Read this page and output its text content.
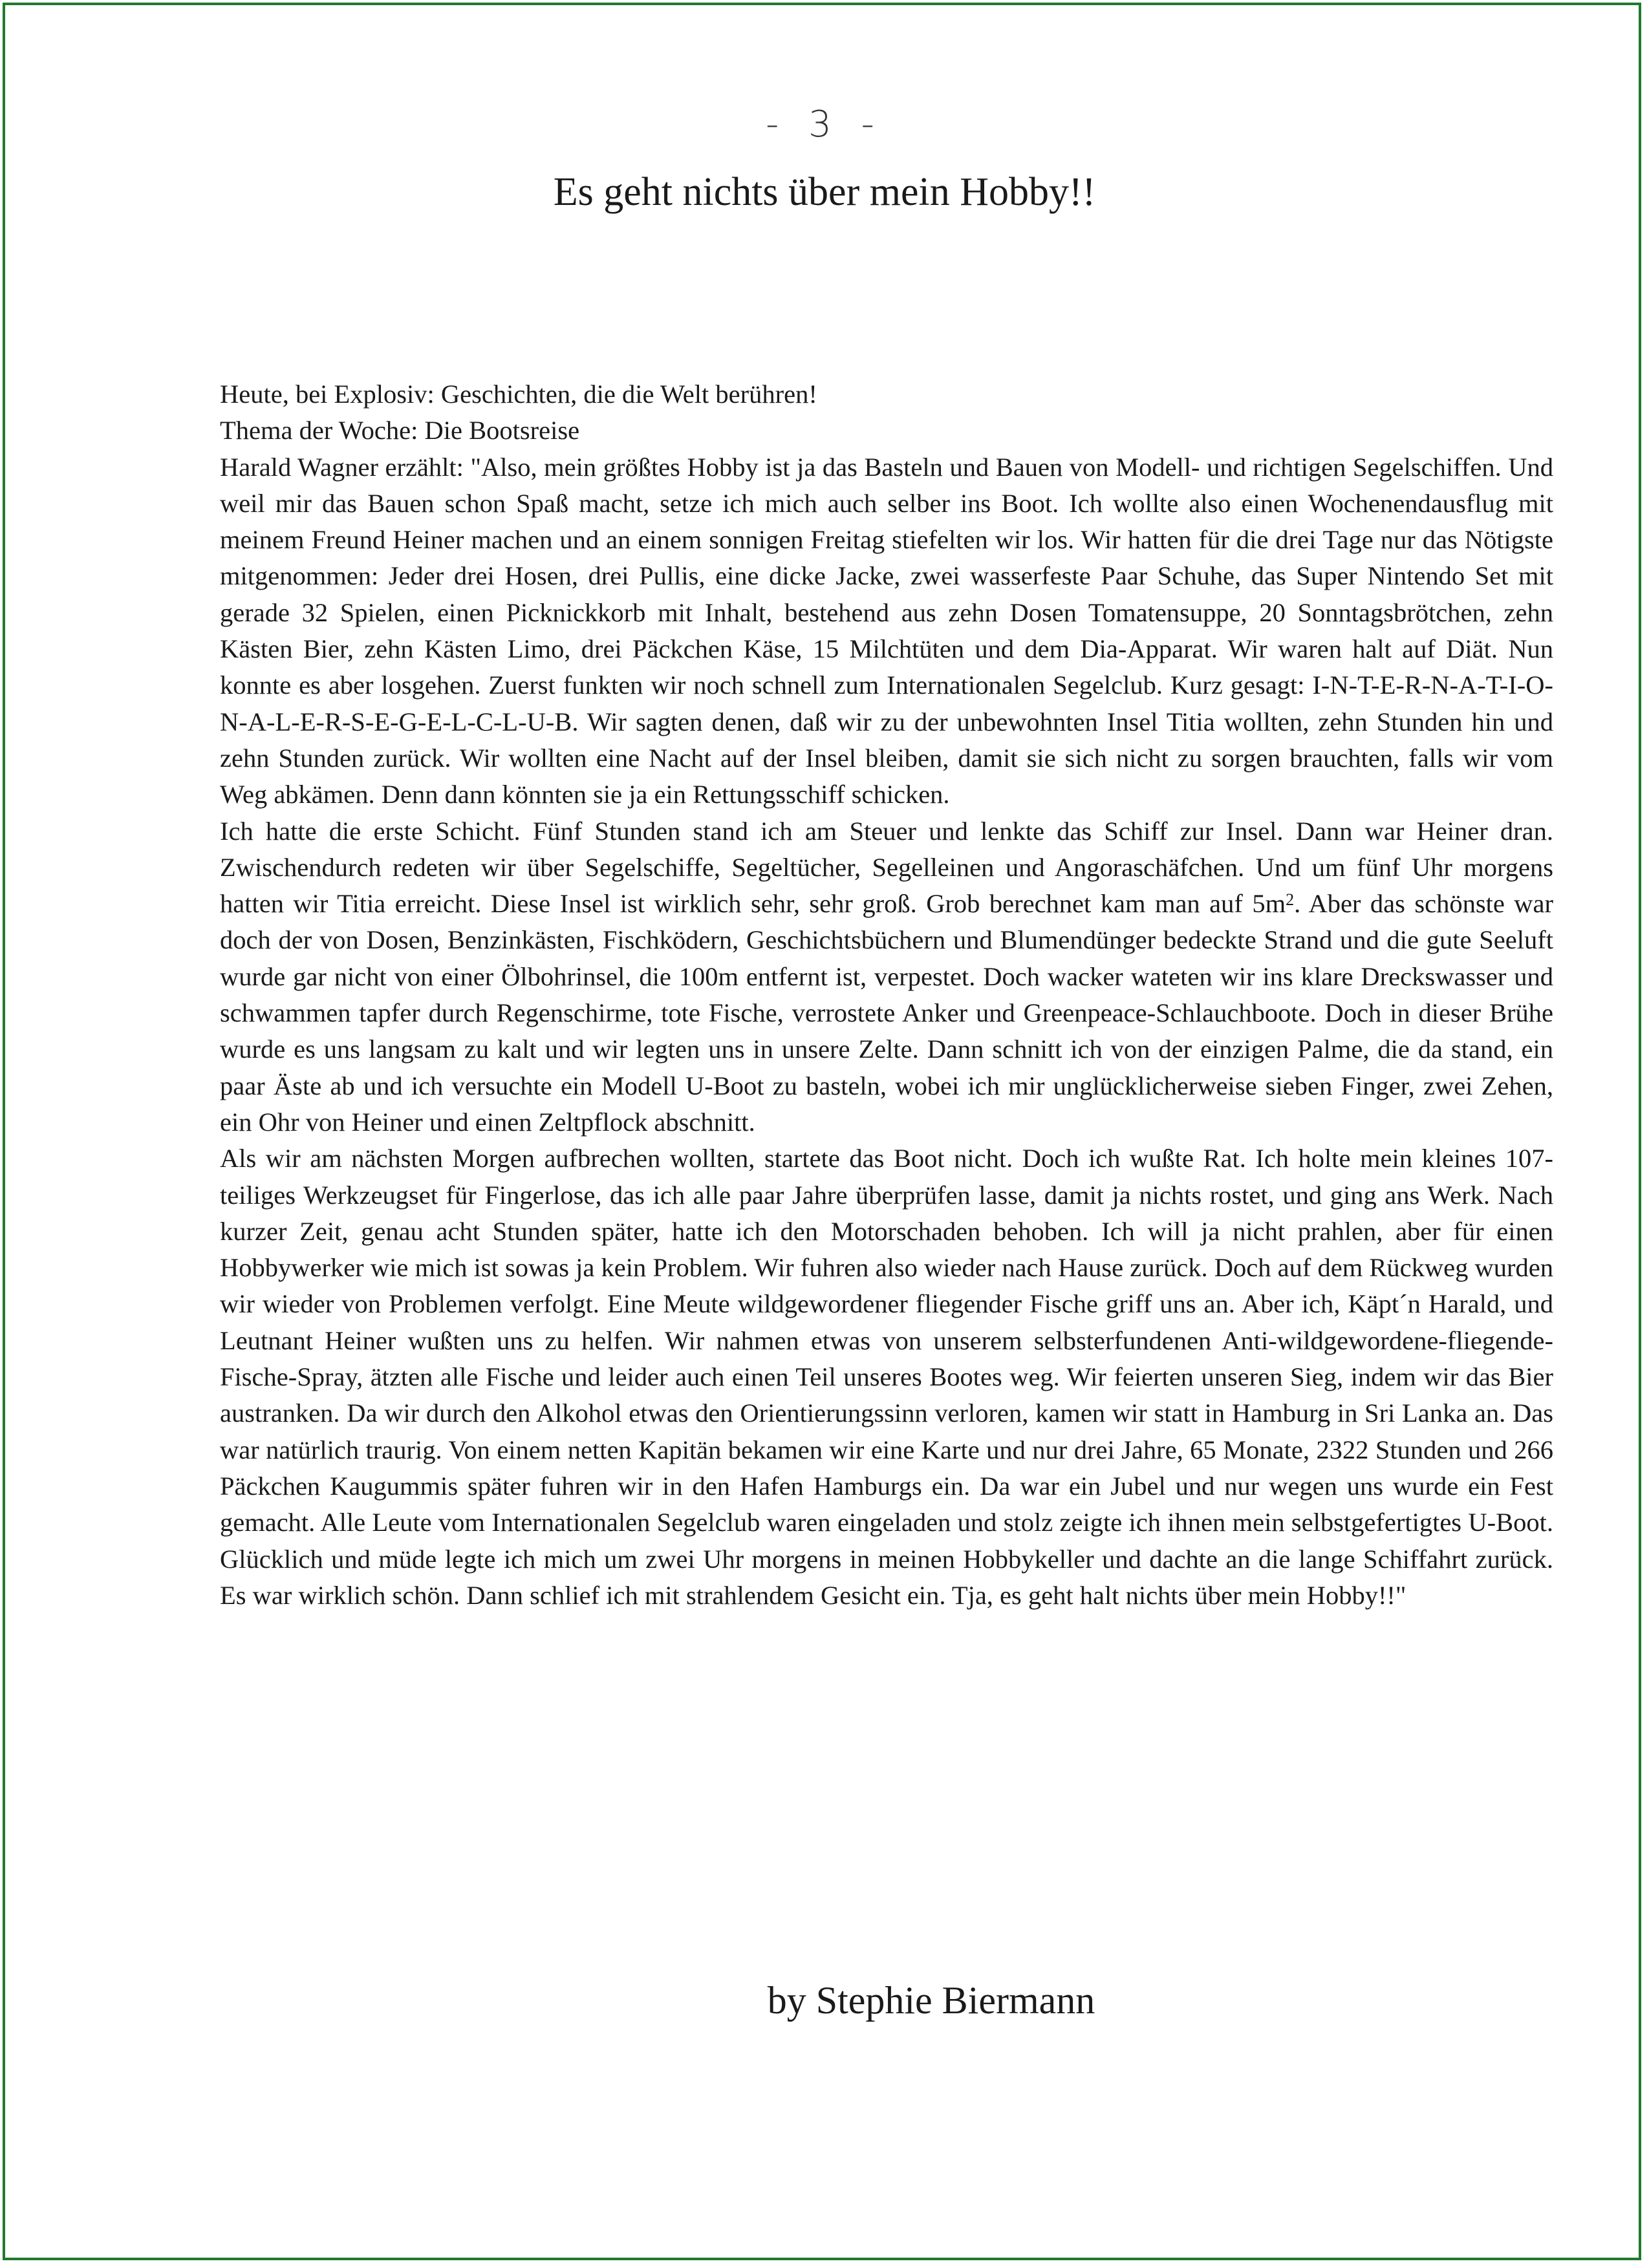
- 3 -
Es geht nichts über mein Hobby!!

Heute, bei Explosiv: Geschichten, die die Welt berühren!

Thema der Woche: Die Bootsreise

Harald Wagner erzählt: "Also, mein größtes Hobby ist ja das Basteln und Bauen von Modell- und richtigen Segelschiffen. Und weil mir das Bauen schon Spaß macht, setze ich mich auch selber ins Boot. Ich wollte also einen Wochenendausflug mit meinem Freund Heiner machen und an einem sonnigen Freitag stiefelten wir los. Wir hatten für die drei Tage nur das Nötigste mitgenommen: Jeder drei Hosen, drei Pullis, eine dicke Jacke, zwei wasserfeste Paar Schuhe, das Super Nintendo Set mit gerade 32 Spielen, einen Picknickkorb mit Inhalt, bestehend aus zehn Dosen Tomatensuppe, 20 Sonntagsbrötchen, zehn Kästen Bier, zehn Kästen Limo, drei Päckchen Käse, 15 Milchtüten und dem Dia-Apparat. Wir waren halt auf Diät. Nun konnte es aber losgehen. Zuerst funkten wir noch schnell zum Internationalen Segelclub. Kurz gesagt: I-N-T-E-R-N-A-T-I-O-N-A-L-E-R-S-E-G-E-L-C-L-U-B. Wir sagten denen, daß wir zu der unbewohnten Insel Titia wollten, zehn Stunden hin und zehn Stunden zurück. Wir wollten eine Nacht auf der Insel bleiben, damit sie sich nicht zu sorgen brauchten, falls wir vom Weg abkämen. Denn dann könnten sie ja ein Rettungsschiff schicken.

Ich hatte die erste Schicht. Fünf Stunden stand ich am Steuer und lenkte das Schiff zur Insel. Dann war Heiner dran. Zwischendurch redeten wir über Segelschiffe, Segeltücher, Segelleinen und Angoraschäfchen. Und um fünf Uhr morgens hatten wir Titia erreicht. Diese Insel ist wirklich sehr, sehr groß. Grob berechnet kam man auf $5m^2$. Aber das schönste war doch der von Dosen, Benzinkästen, Fischködern, Geschichtsbüchern und Blumendünger bedeckte Strand und die gute Seeluft wurde gar nicht von einer Ölbohrinsel, die 100m entfernt ist, verpestet. Doch wacker wateten wir ins klare Dreckswasser und schwammen tapfer durch Regenschirme, tote Fische, verrostete Anker und Greenpeace-Schlauchboote. Doch in dieser Brühe wurde es uns langsam zu kalt und wir legten uns in unsere Zelte. Dann schnitt ich von der einzigen Palme, die da stand, ein paar Äste ab und ich versuchte ein Modell U-Boot zu basteln, wobei ich mir unglücklicherweise sieben Finger, zwei Zehen, ein Ohr von Heiner und einen Zeltpflock abschnitt.

Als wir am nächsten Morgen aufbrechen wollten, startete das Boot nicht. Doch ich wußte Rat. Ich holte mein kleines 107-teiliges Werkzeugset für Fingerlose, das ich alle paar Jahre überprüfen lasse, damit ja nichts rostet, und ging ans Werk. Nach kurzer Zeit, genau acht Stunden später, hatte ich den Motorschaden behoben. Ich will ja nicht prahlen, aber für einen Hobbywerker wie mich ist sowas ja kein Problem. Wir fuhren also wieder nach Hause zurück. Doch auf dem Rückweg wurden wir wieder von Problemen verfolgt. Eine Meute wildgewordener fliegender Fische griff uns an. Aber ich, Käpt´n Harald, und Leutnant Heiner wußten uns zu helfen. Wir nahmen etwas von unserem selbsterfundenen Anti-wildgewordene-fliegende-Fische-Spray, ätzten alle Fische und leider auch einen Teil unseres Bootes weg. Wir feierten unseren Sieg, indem wir das Bier austranken. Da wir durch den Alkohol etwas den Orientierungssinn verloren, kamen wir statt in Hamburg in Sri Lanka an. Das war natürlich traurig. Von einem netten Kapitän bekamen wir eine Karte und nur drei Jahre, 65 Monate, 2322 Stunden und 266 Päckchen Kaugummis später fuhren wir in den Hafen Hamburgs ein. Da war ein Jubel und nur wegen uns wurde ein Fest gemacht. Alle Leute vom Internationalen Segelclub waren eingeladen und stolz zeigte ich ihnen mein selbstgefertigtes U-Boot. Glücklich und müde legte ich mich um zwei Uhr morgens in meinen Hobbykeller und dachte an die lange Schiffahrt zurück. Es war wirklich schön. Dann schlief ich mit strahlendem Gesicht ein. Tja, es geht halt nichts über mein Hobby!!"

by Stephie Biermann
